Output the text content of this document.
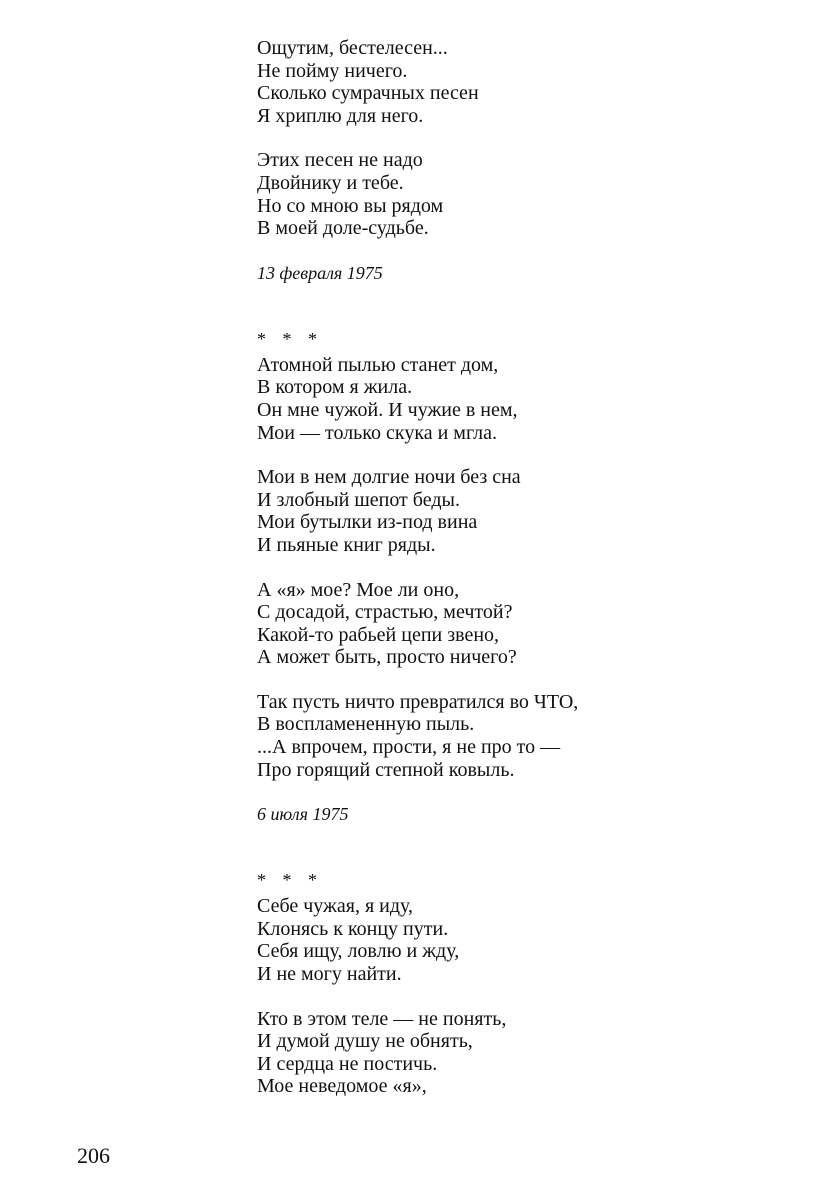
Ощутим, бестелесен...
Не пойму ничего.
Сколько сумрачных песен
Я хриплю для него.
Этих песен не надо
Двойнику и тебе.
Но со мною вы рядом
В моей доле-судьбе.
13 февраля 1975
* * *
Атомной пылью станет дом,
В котором я жила.
Он мне чужой. И чужие в нем,
Мои — только скука и мгла.
Мои в нем долгие ночи без сна
И злобный шепот беды.
Мои бутылки из-под вина
И пьяные книг ряды.
А «я» мое? Мое ли оно,
С досадой, страстью, мечтой?
Какой-то рабьей цепи звено,
А может быть, просто ничего?
Так пусть ничто превратился во ЧТО,
В воспламененную пыль.
...А впрочем, прости, я не про то —
Про горящий степной ковыль.
6 июля 1975
* * *
Себе чужая, я иду,
Клонясь к концу пути.
Себя ищу, ловлю и жду,
И не могу найти.
Кто в этом теле — не понять,
И думой душу не обнять,
И сердца не постичь.
Мое неведомое «я»,
206
